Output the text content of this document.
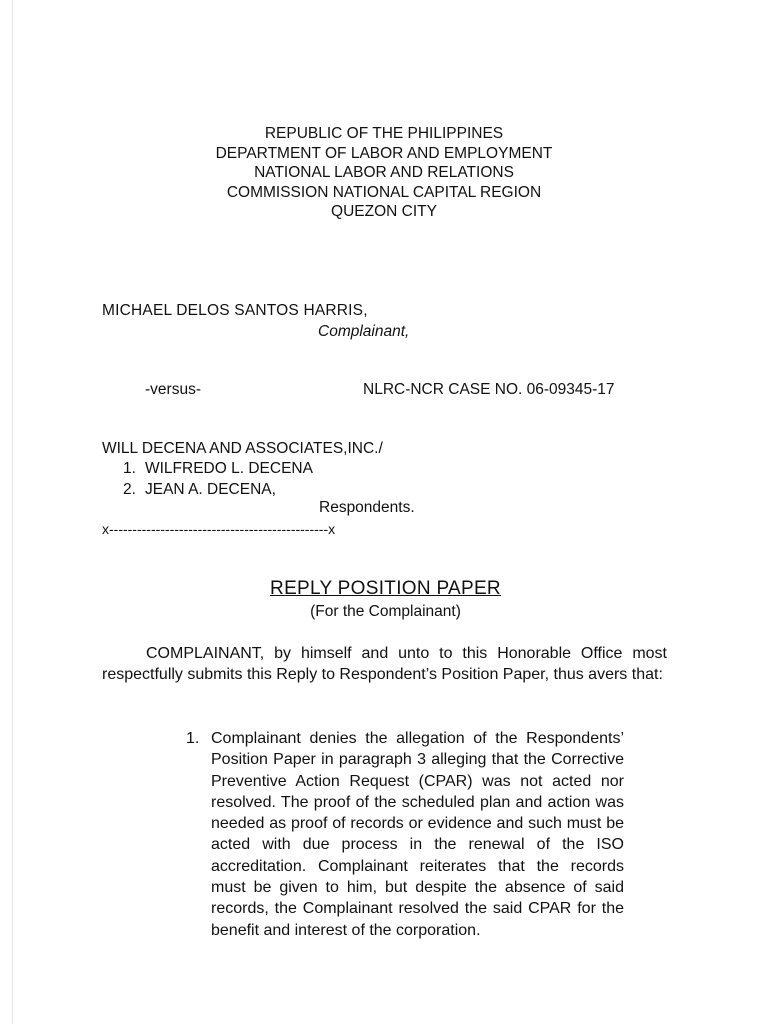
REPUBLIC OF THE PHILIPPINES
DEPARTMENT OF LABOR AND EMPLOYMENT
NATIONAL LABOR AND RELATIONS
COMMISSION NATIONAL CAPITAL REGION
QUEZON CITY
MICHAEL DELOS SANTOS HARRIS,
Complainant,
-versus-	NLRC-NCR CASE NO. 06-09345-17
WILL DECENA AND ASSOCIATES,INC./
1. WILFREDO L. DECENA
2. JEAN A. DECENA,
Respondents.
x-----------------------------------------------x
REPLY POSITION PAPER
(For the Complainant)
COMPLAINANT, by himself and unto to this Honorable Office most respectfully submits this Reply to Respondent’s Position Paper, thus avers that:
1. Complainant denies the allegation of the Respondents’ Position Paper in paragraph 3 alleging that the Corrective Preventive Action Request (CPAR) was not acted nor resolved. The proof of the scheduled plan and action was needed as proof of records or evidence and such must be acted with due process in the renewal of the ISO accreditation. Complainant reiterates that the records must be given to him, but despite the absence of said records, the Complainant resolved the said CPAR for the benefit and interest of the corporation.
